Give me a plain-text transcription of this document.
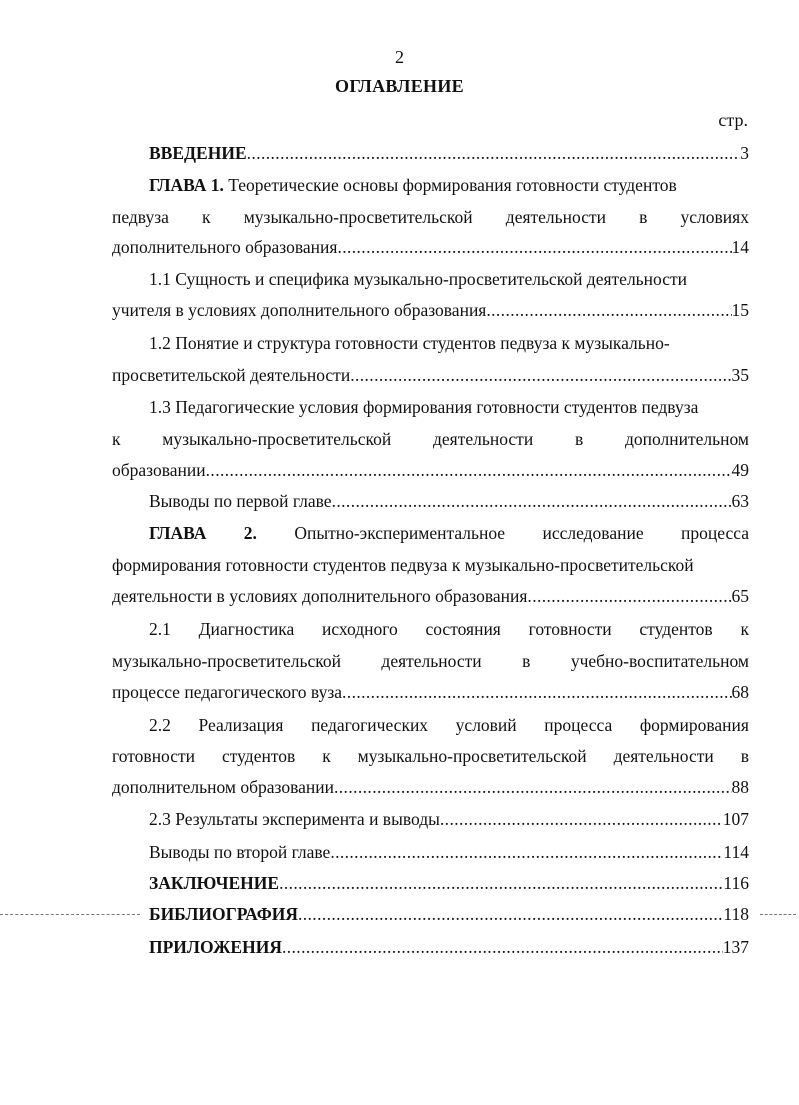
2
ОГЛАВЛЕНИЕ
стр.
ВВЕДЕНИЕ .....	3
ГЛАВА 1.
Теоретические основы формирования готовности студентов
педвуза к музыкально-просветительской деятельности в условиях
дополнительного образования .....	14
1.1 Сущность и специфика музыкально-просветительской деятельности
учителя в условиях дополнительного образования .....	15
1.2 Понятие и структура готовности студентов педвуза к музыкально-
просветительской деятельности .....	35
1.3 Педагогические условия формирования готовности студентов педвуза
к музыкально-просветительской деятельности в дополнительном
образовании .....	49
Выводы по первой главе .....	63
ГЛАВА 2. Опытно-экспериментальное исследование процесса
формирования готовности студентов педвуза к музыкально-просветительской
деятельности в условиях дополнительного образования .....	65
2.1 Диагностика исходного состояния готовности студентов к
музыкально-просветительской деятельности в учебно-воспитательном
процессе педагогического вуза .....	68
2.2 Реализация педагогических условий процесса формирования
готовности студентов к музыкально-просветительской деятельности в
дополнительном образовании .....	88
2.3 Результаты эксперимента и выводы .....	107
Выводы по второй главе .....	114
ЗАКЛЮЧЕНИЕ .....	116
БИБЛИОГРАФИЯ .....	118
ПРИЛОЖЕНИЯ .....	137
